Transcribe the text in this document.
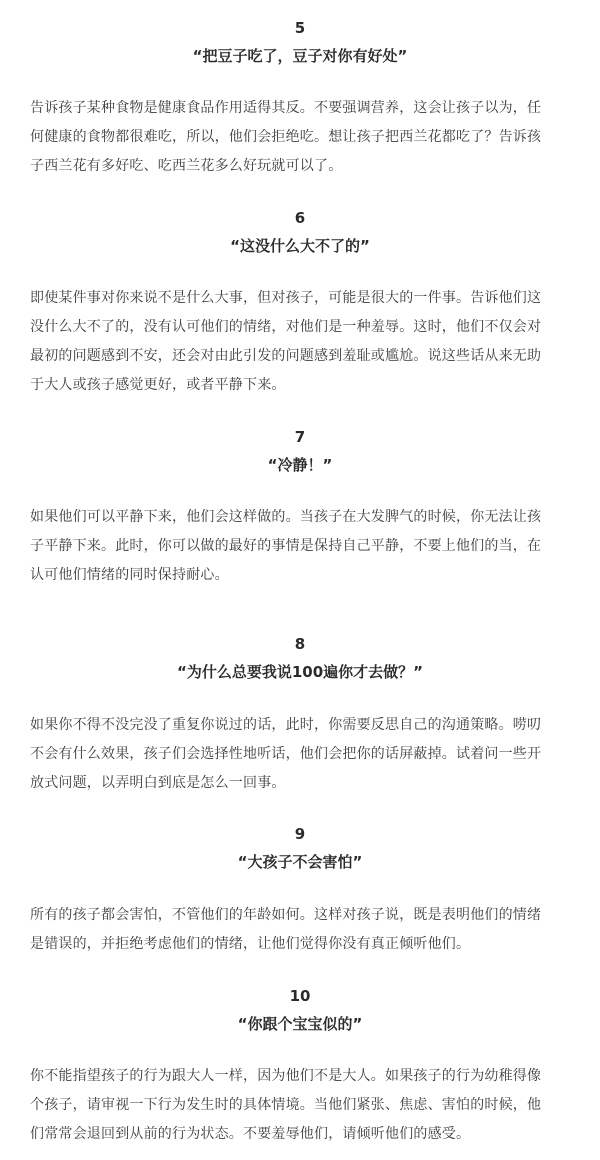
5
“把豆子吃了，豆子对你有好处”
告诉孩子某种食物是健康食品作用适得其反。不要强调营养，这会让孩子以为，任
何健康的食物都很难吃，所以，他们会拒绝吃。想让孩子把西兰花都吃了？告诉孩
子西兰花有多好吃、吃西兰花多么好玩就可以了。
6
“这没什么大不了的”
即使某件事对你来说不是什么大事，但对孩子，可能是很大的一件事。告诉他们这
没什么大不了的，没有认可他们的情绪，对他们是一种羞辱。这时，他们不仅会对
最初的问题感到不安，还会对由此引发的问题感到羞耻或尴尬。说这些话从来无助
于大人或孩子感觉更好，或者平静下来。
7
“冷静！”
如果他们可以平静下来，他们会这样做的。当孩子在大发脾气的时候，你无法让孩
子平静下来。此时，你可以做的最好的事情是保持自己平静，不要上他们的当，在
认可他们情绪的同时保持耐心。
8
“为什么总要我说100遍你才去做？”
如果你不得不没完没了重复你说过的话，此时，你需要反思自己的沟通策略。唠叨
不会有什么效果，孩子们会选择性地听话，他们会把你的话屏蔽掉。试着问一些开
放式问题，以弄明白到底是怎么一回事。
9
“大孩子不会害怕”
所有的孩子都会害怕，不管他们的年龄如何。这样对孩子说，既是表明他们的情绪
是错误的，并拒绝考虑他们的情绪，让他们觉得你没有真正倾听他们。
10
“你跟个宝宝似的”
你不能指望孩子的行为跟大人一样，因为他们不是大人。如果孩子的行为幼稚得像
个孩子，请审视一下行为发生时的具体情境。当他们紧张、焦虑、害怕的时候，他
们常常会退回到从前的行为状态。不要羞辱他们，请倾听他们的感受。
